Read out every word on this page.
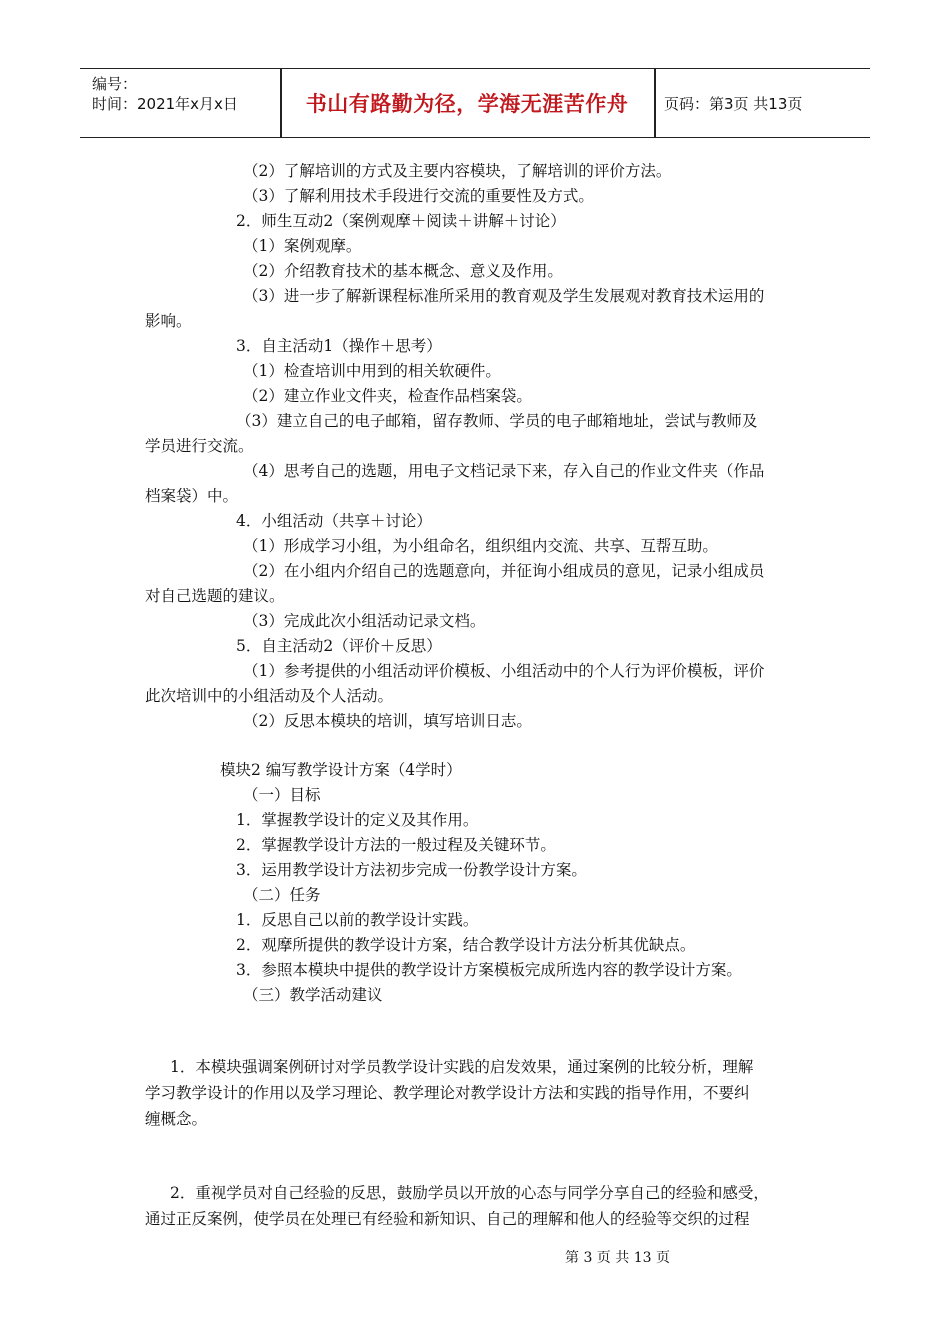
编号：
时间：2021年x月x日	书山有路勤为径，学海无涯苦作舟	页码：第3页 共13页
（2）了解培训的方式及主要内容模块，了解培训的评价方法。
（3）了解利用技术手段进行交流的重要性及方式。
2．师生互动2（案例观摩＋阅读＋讲解＋讨论）
（1）案例观摩。
（2）介绍教育技术的基本概念、意义及作用。
（3）进一步了解新课程标准所采用的教育观及学生发展观对教育技术运用的
影响。
3．自主活动1（操作＋思考）
（1）检查培训中用到的相关软硬件。
（2）建立作业文件夹，检查作品档案袋。
（3）建立自己的电子邮箱，留存教师、学员的电子邮箱地址，尝试与教师及
学员进行交流。
（4）思考自己的选题，用电子文档记录下来，存入自己的作业文件夹（作品
档案袋）中。
4．小组活动（共享＋讨论）
（1）形成学习小组，为小组命名，组织组内交流、共享、互帮互助。
（2）在小组内介绍自己的选题意向，并征询小组成员的意见，记录小组成员
对自己选题的建议。
（3）完成此次小组活动记录文档。
5．自主活动2（评价＋反思）
（1）参考提供的小组活动评价模板、小组活动中的个人行为评价模板，评价
此次培训中的小组活动及个人活动。
（2）反思本模块的培训，填写培训日志。
模块2 编写教学设计方案（4学时）
（一）目标
1．掌握教学设计的定义及其作用。
2．掌握教学设计方法的一般过程及关键环节。
3．运用教学设计方法初步完成一份教学设计方案。
（二）任务
1．反思自己以前的教学设计实践。
2．观摩所提供的教学设计方案，结合教学设计方法分析其优缺点。
3．参照本模块中提供的教学设计方案模板完成所选内容的教学设计方案。
（三）教学活动建议
1．本模块强调案例研讨对学员教学设计实践的启发效果，通过案例的比较分析，理解
学习教学设计的作用以及学习理论、教学理论对教学设计方法和实践的指导作用，不要纠
缠概念。
2．重视学员对自己经验的反思，鼓励学员以开放的心态与同学分享自己的经验和感受，
通过正反案例，使学员在处理已有经验和新知识、自己的理解和他人的经验等交织的过程
第 3 页 共 13 页
